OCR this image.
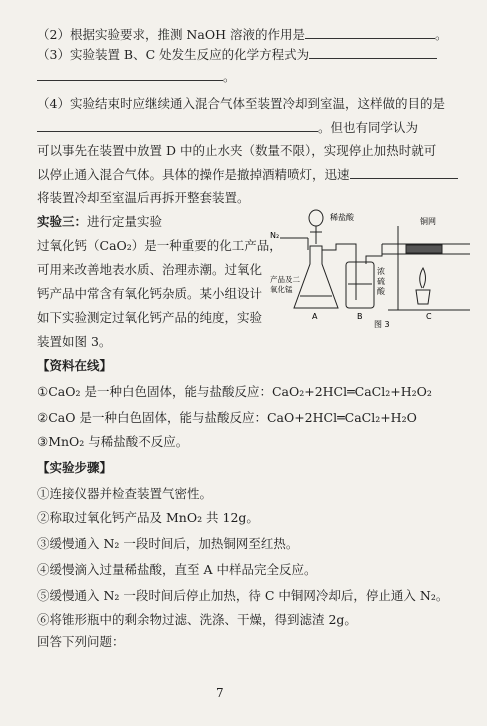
（2）根据实验要求，推测 NaOH 溶液的作用是	。
（3）实验装置 B、C 处发生反应的化学方程式为
。
（4）实验结束时应继续通入混合气体至装置冷却到室温，这样做的目的是
。但也有同学认为
可以事先在装置中放置 D 中的止水夹（数量不限），实现停止加热时就可
以停止通入混合气体。具体的操作是撤掉酒精喷灯，迅速
将装置冷却至室温后再拆开整套装置。
实验三：进行定量实验
过氧化钙（CaO₂）是一种重要的化工产品，
可用来改善地表水质、治理赤潮。过氧化
钙产品中常含有氧化钙杂质。某小组设计
如下实验测定过氧化钙产品的纯度，实验
装置如图 3。
N₂
稀盐酸	铜网
浓
硫
酸
产品及二
氧化锰
A	B	C
图 3
【资料在线】
①CaO₂ 是一种白色固体，能与盐酸反应：CaO₂+2HCl═CaCl₂+H₂O₂
②CaO 是一种白色固体，能与盐酸反应：CaO+2HCl═CaCl₂+H₂O
③MnO₂ 与稀盐酸不反应。
【实验步骤】
①连接仪器并检查装置气密性。
②称取过氧化钙产品及 MnO₂ 共 12g。
③缓慢通入 N₂ 一段时间后，加热铜网至红热。
④缓慢滴入过量稀盐酸，直至 A 中样品完全反应。
⑤缓慢通入 N₂ 一段时间后停止加热，待 C 中铜网冷却后，停止通入 N₂。
⑥将锥形瓶中的剩余物过滤、洗涤、干燥，得到滤渣 2g。
回答下列问题：
7
